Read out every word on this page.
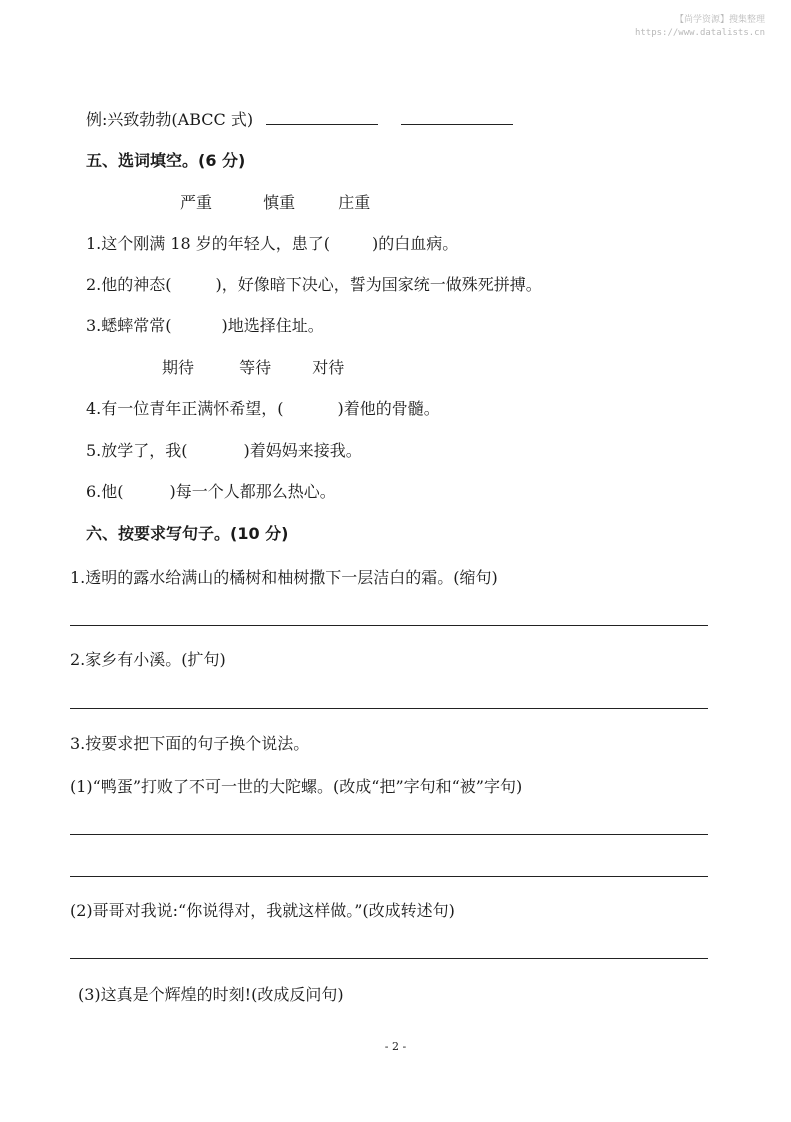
【尚学资源】搜集整理
https://www.datalists.cn
例:兴致勃勃(ABCC 式)
五、选词填空。(6 分)
严重	慎重	庄重
1.这个刚满 18 岁的年轻人，患了(	)的白血病。
2.他的神态(	)，好像暗下决心，誓为国家统一做殊死拼搏。
3.蟋蟀常常(	)地选择住址。
期待	等待	对待
4.有一位青年正满怀希望，(	)着他的骨髓。
5.放学了，我(	)着妈妈来接我。
6.他(	)每一个人都那么热心。
六、按要求写句子。(10 分)
1.透明的露水给满山的橘树和柚树撒下一层洁白的霜。(缩句)
2.家乡有小溪。(扩句)
3.按要求把下面的句子换个说法。
(1)“鸭蛋”打败了不可一世的大陀螺。(改成“把”字句和“被”字句)
(2)哥哥对我说:“你说得对，我就这样做。”(改成转述句)
(3)这真是个辉煌的时刻!(改成反问句)
- 2 -
